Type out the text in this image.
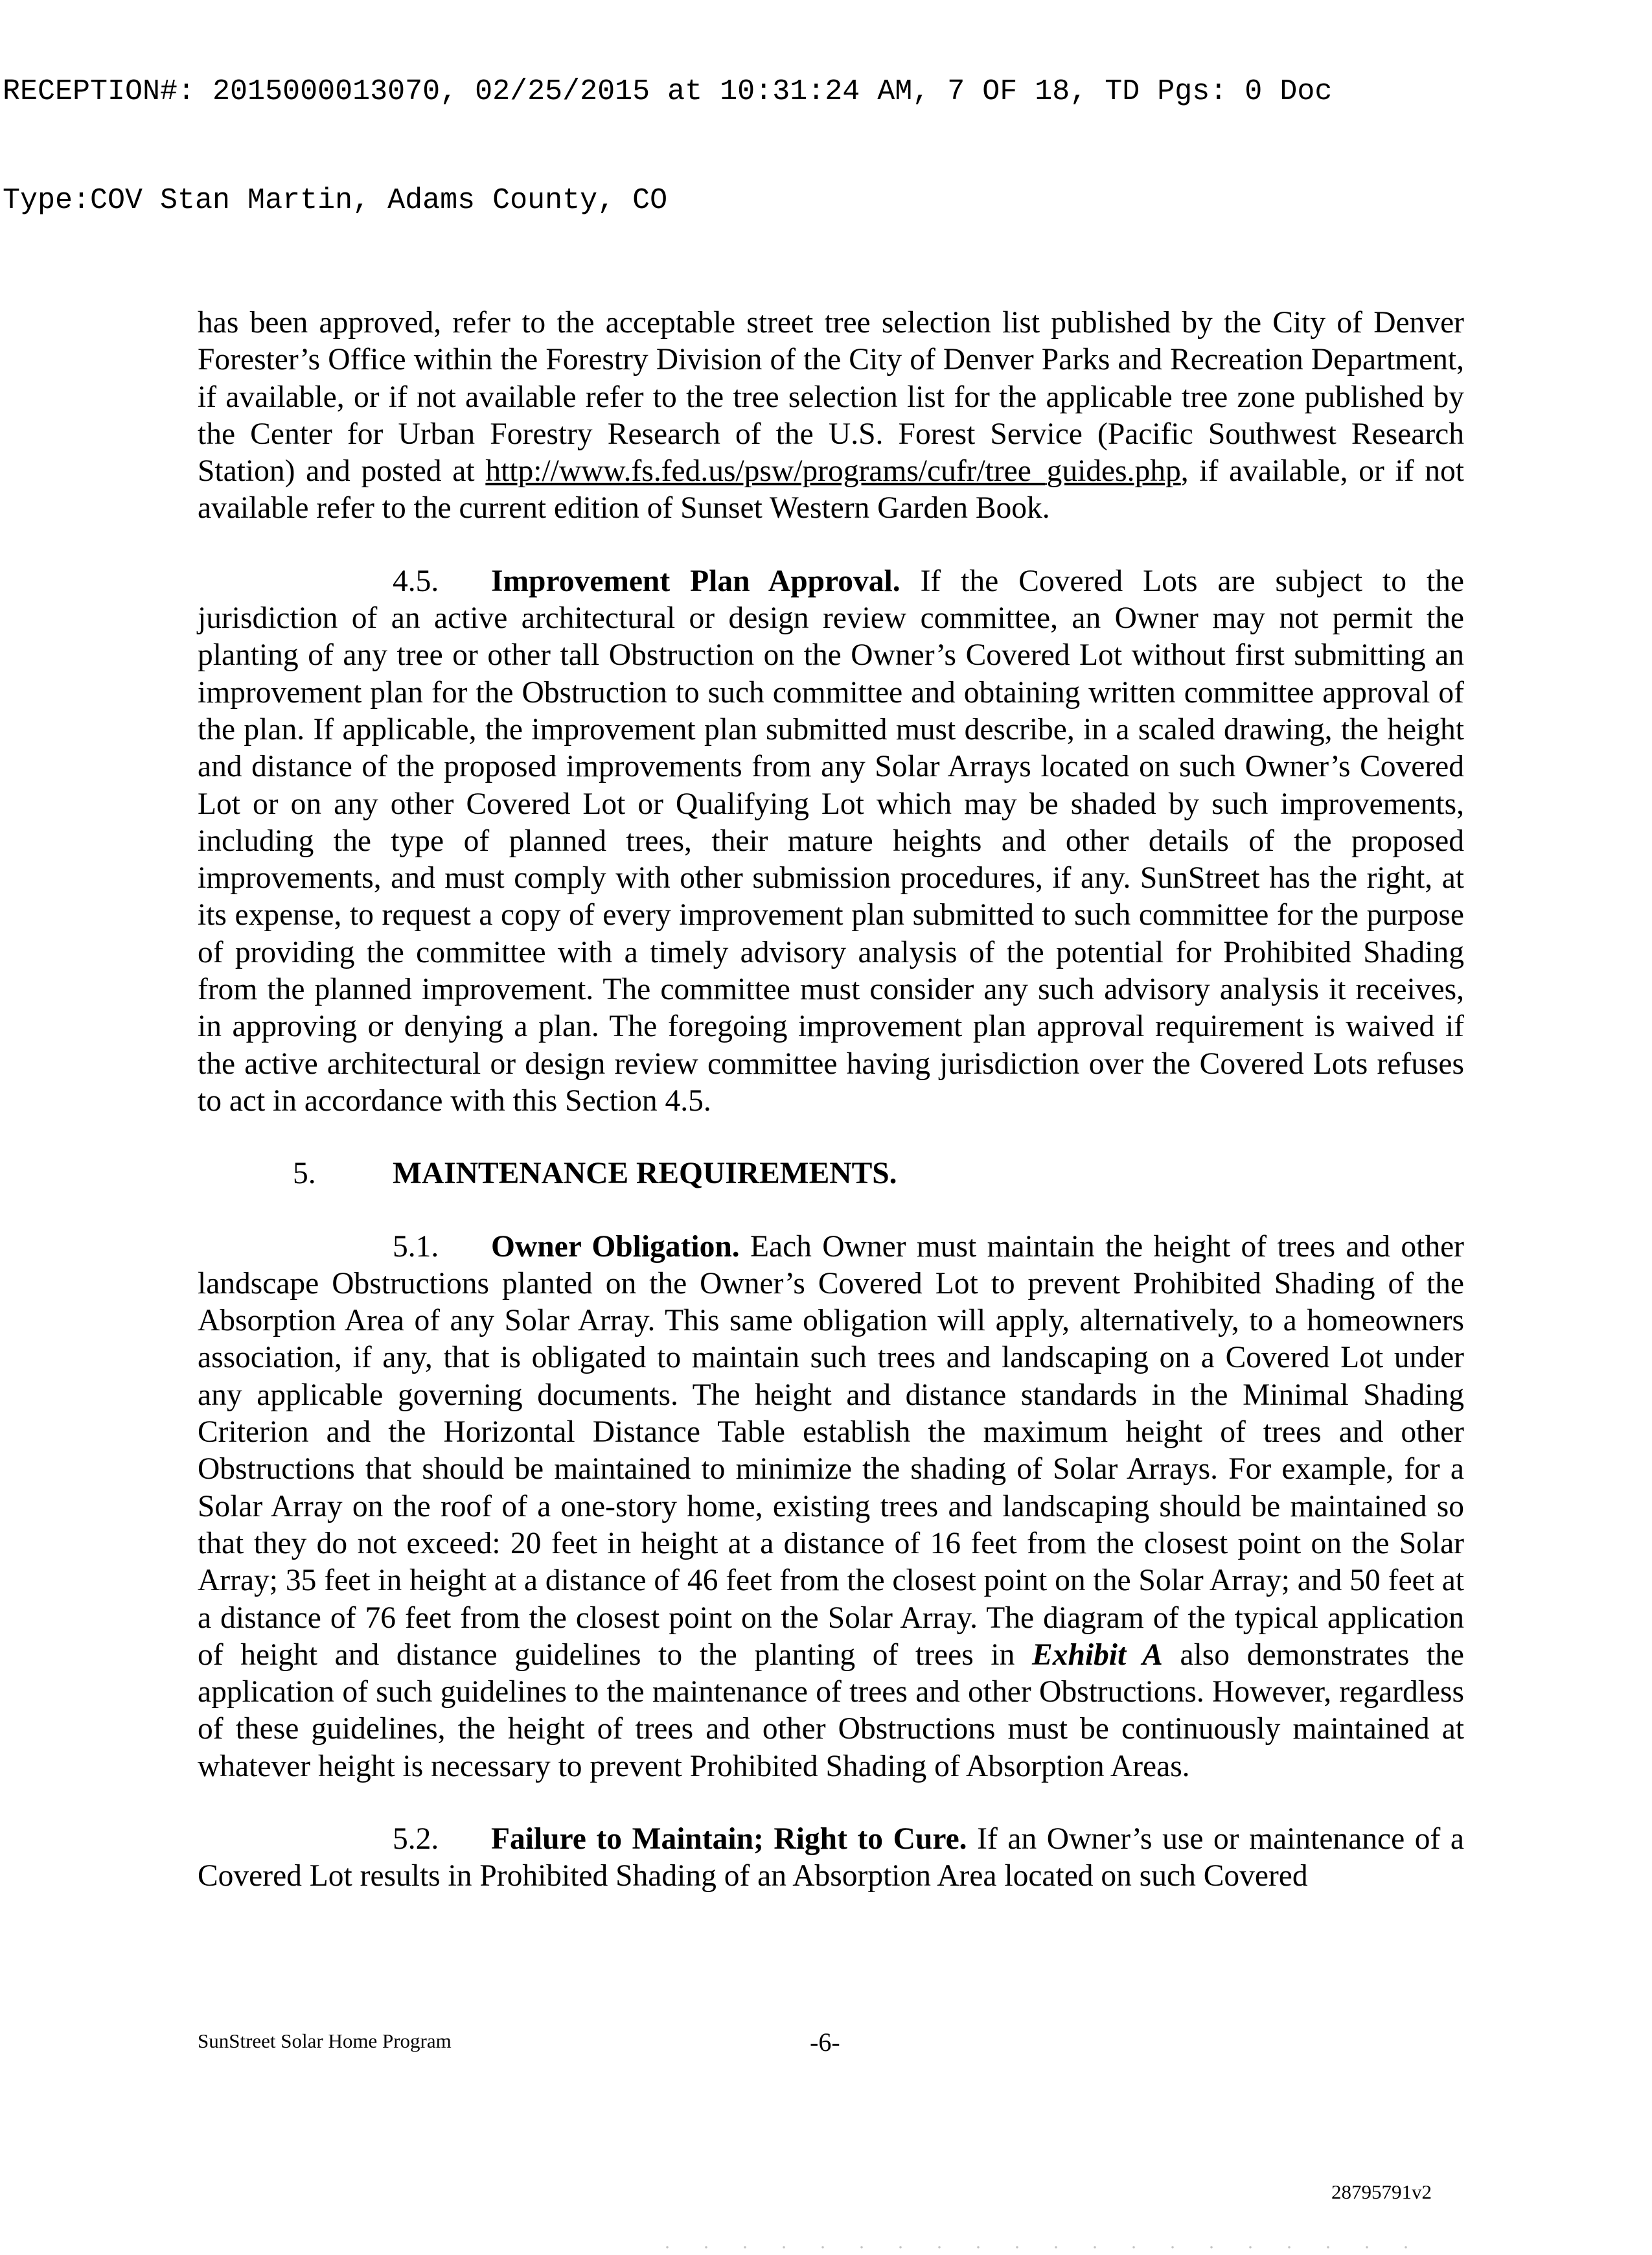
RECEPTION#: 2015000013070, 02/25/2015 at 10:31:24 AM, 7 OF 18, TD Pgs: 0 Doc

Type:COV Stan Martin, Adams County, CO

has been approved, refer to the acceptable street tree selection list published by the City of Denver Forester’s Office within the Forestry Division of the City of Denver Parks and Recreation Department, if available, or if not available refer to the tree selection list for the applicable tree zone published by the Center for Urban Forestry Research of the U.S. Forest Service (Pacific Southwest Research Station) and posted at http://www.fs.fed.us/psw/programs/cufr/tree_guides.php, if available, or if not available refer to the current edition of Sunset Western Garden Book.

4.5. Improvement Plan Approval. If the Covered Lots are subject to the jurisdiction of an active architectural or design review committee, an Owner may not permit the planting of any tree or other tall Obstruction on the Owner’s Covered Lot without first submitting an improvement plan for the Obstruction to such committee and obtaining written committee approval of the plan. If applicable, the improvement plan submitted must describe, in a scaled drawing, the height and distance of the proposed improvements from any Solar Arrays located on such Owner’s Covered Lot or on any other Covered Lot or Qualifying Lot which may be shaded by such improvements, including the type of planned trees, their mature heights and other details of the proposed improvements, and must comply with other submission procedures, if any. SunStreet has the right, at its expense, to request a copy of every improvement plan submitted to such committee for the purpose of providing the committee with a timely advisory analysis of the potential for Prohibited Shading from the planned improvement. The committee must consider any such advisory analysis it receives, in approving or denying a plan. The foregoing improvement plan approval requirement is waived if the active architectural or design review committee having jurisdiction over the Covered Lots refuses to act in accordance with this Section 4.5.

5. MAINTENANCE REQUIREMENTS.

5.1. Owner Obligation. Each Owner must maintain the height of trees and other landscape Obstructions planted on the Owner’s Covered Lot to prevent Prohibited Shading of the Absorption Area of any Solar Array. This same obligation will apply, alternatively, to a homeowners association, if any, that is obligated to maintain such trees and landscaping on a Covered Lot under any applicable governing documents. The height and distance standards in the Minimal Shading Criterion and the Horizontal Distance Table establish the maximum height of trees and other Obstructions that should be maintained to minimize the shading of Solar Arrays. For example, for a Solar Array on the roof of a one-story home, existing trees and landscaping should be maintained so that they do not exceed: 20 feet in height at a distance of 16 feet from the closest point on the Solar Array; 35 feet in height at a distance of 46 feet from the closest point on the Solar Array; and 50 feet at a distance of 76 feet from the closest point on the Solar Array. The diagram of the typical application of height and distance guidelines to the planting of trees in Exhibit A also demonstrates the application of such guidelines to the maintenance of trees and other Obstructions. However, regardless of these guidelines, the height of trees and other Obstructions must be continuously maintained at whatever height is necessary to prevent Prohibited Shading of Absorption Areas.

5.2. Failure to Maintain; Right to Cure. If an Owner’s use or maintenance of a Covered Lot results in Prohibited Shading of an Absorption Area located on such Covered

SunStreet Solar Home Program	-6-
28795791v2
